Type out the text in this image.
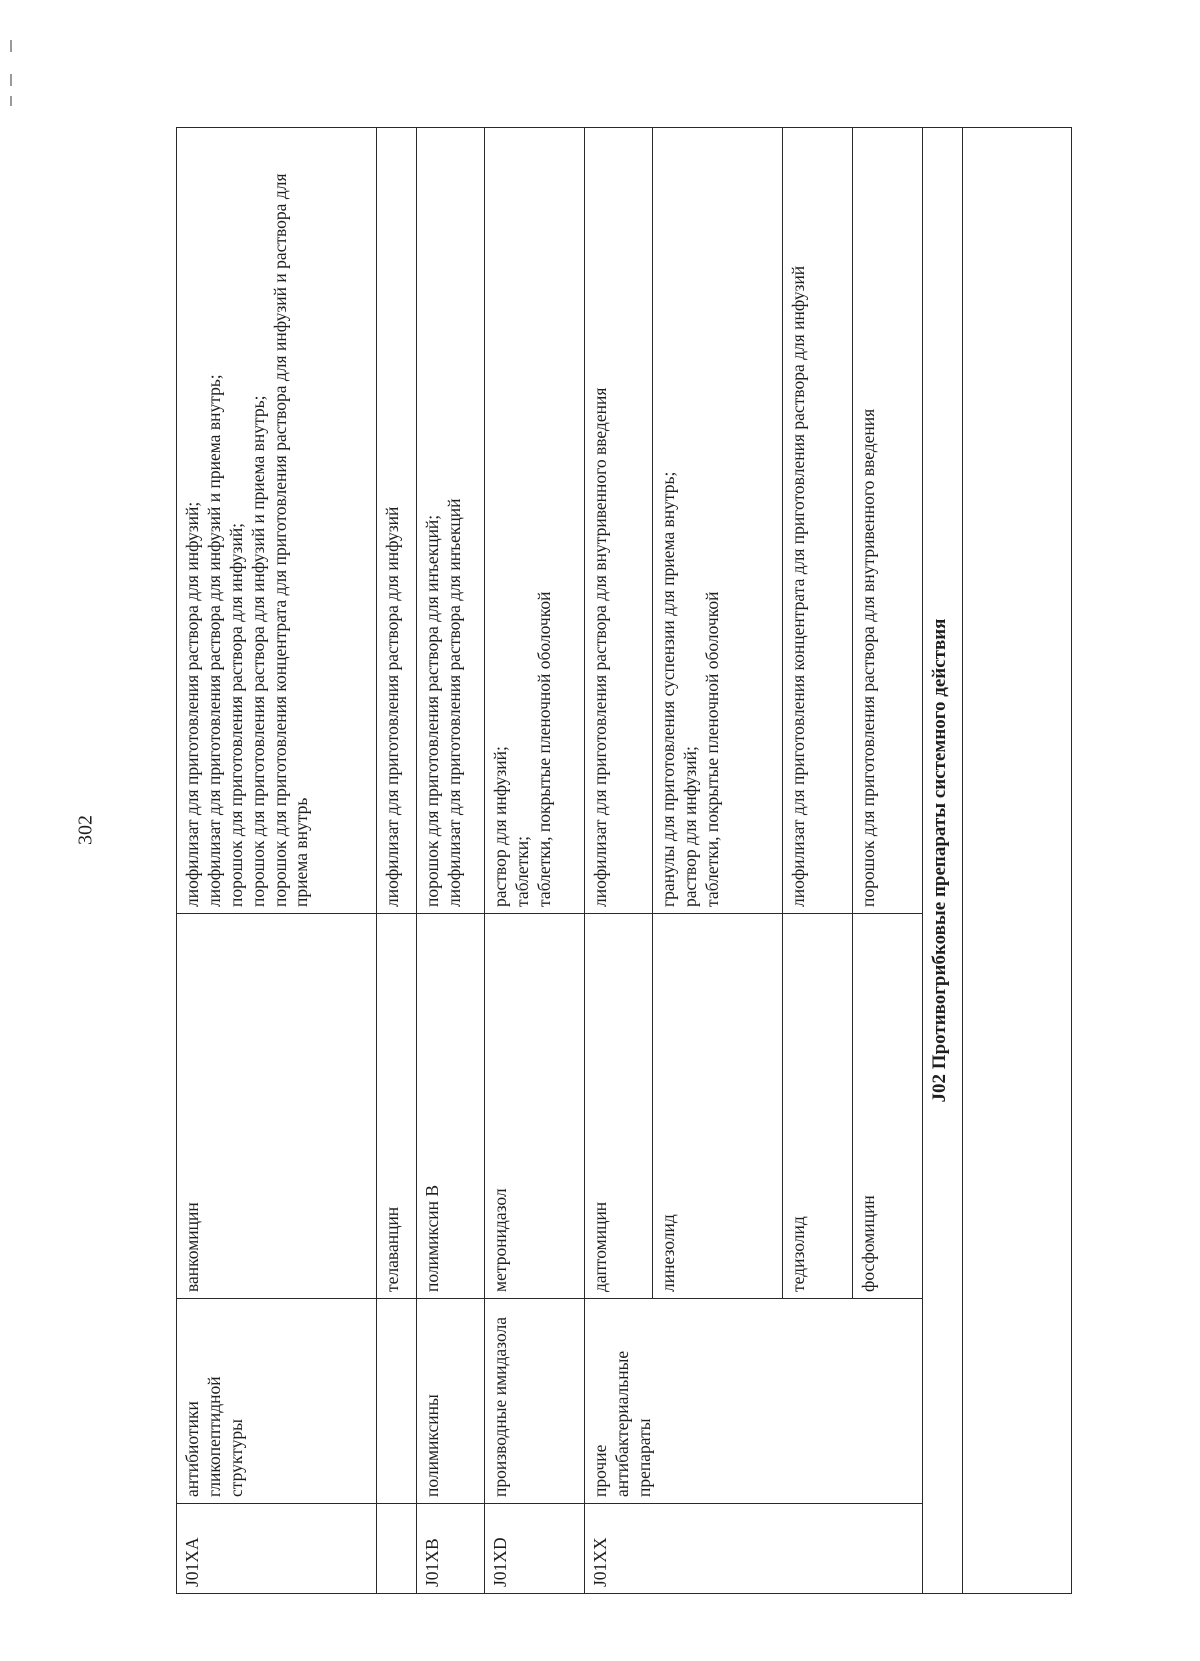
302
J01XA	антибиотики гликопептидной структуры	ванкомицин	лиофилизат для приготовления раствора для инфузий; лиофилизат для приготовления раствора для инфузий и приема внутрь; порошок для приготовления раствора для инфузий; порошок для приготовления раствора для инфузий и приема внутрь; порошок для приготовления концентрата для приготовления раствора для инфузий и раствора для приема внутрь

		телаванцин	лиофилизат для приготовления раствора для инфузий

J01XB	полимиксины	полимиксин В	порошок для приготовления раствора для инъекций; лиофилизат для приготовления раствора для инъекций

J01XD	производные имидазола	метронидазол	раствор для инфузий; таблетки; таблетки, покрытые пленочной оболочкой

J01XX	прочие антибактериальные препараты	даптомицин	лиофилизат для приготовления раствора для внутривенного введения

		линезолид	гранулы для приготовления суспензии для приема внутрь; раствор для инфузий; таблетки, покрытые пленочной оболочкой

		тедизолид	лиофилизат для приготовления концентрата для приготовления раствора для инфузий

		фосфомицин	порошок для приготовления раствора для внутривенного введения

J02 Противогрибковые препараты системного действия			
